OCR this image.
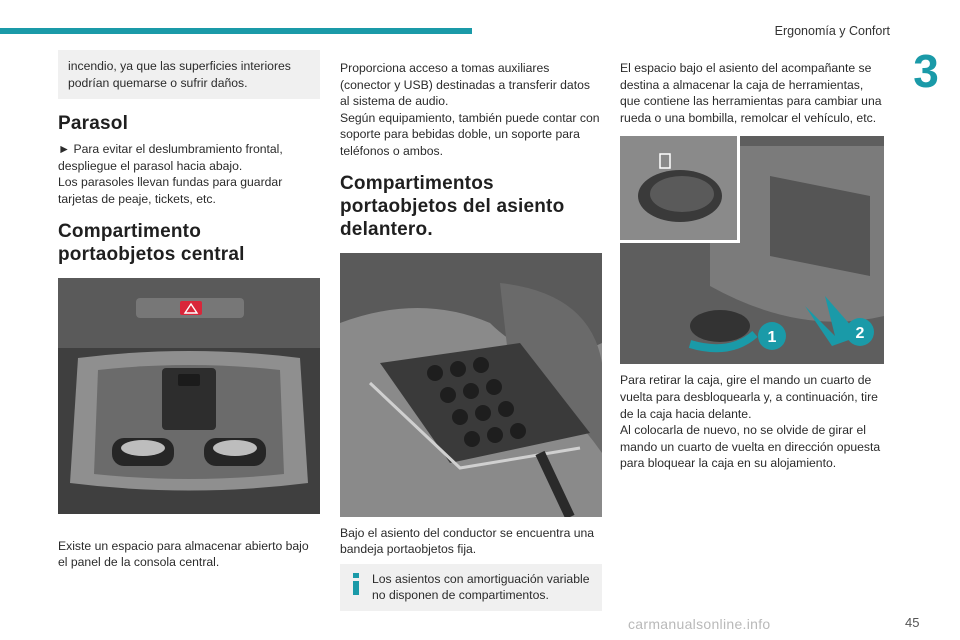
Ergonomía y Confort
3

incendio, ya que las superficies interiores podrían quemarse o sufrir daños.

Parasol

► Para evitar el deslumbramiento frontal, despliegue el parasol hacia abajo.

Los parasoles llevan fundas para guardar tarjetas de peaje, tickets, etc.

Compartimento portaobjetos central

Existe un espacio para almacenar abierto bajo el panel de la consola central.

Proporciona acceso a tomas auxiliares (conector y USB) destinadas a transferir datos al sistema de audio.

Según equipamiento, también puede contar con soporte para bebidas doble, un soporte para teléfonos o ambos.

Compartimentos portaobjetos del asiento delantero.

Bajo el asiento del conductor se encuentra una bandeja portaobjetos fija.

Los asientos con amortiguación variable no disponen de compartimentos.

El espacio bajo el asiento del acompañante se destina a almacenar la caja de herramientas, que contiene las herramientas para cambiar una rueda o una bombilla, remolcar el vehículo, etc.

1	2

Para retirar la caja, gire el mando un cuarto de vuelta para desbloquearla y, a continuación, tire de la caja hacia delante.

Al colocarla de nuevo, no se olvide de girar el mando un cuarto de vuelta en dirección opuesta para bloquear la caja en su alojamiento.

carmanualsonline.info	45
